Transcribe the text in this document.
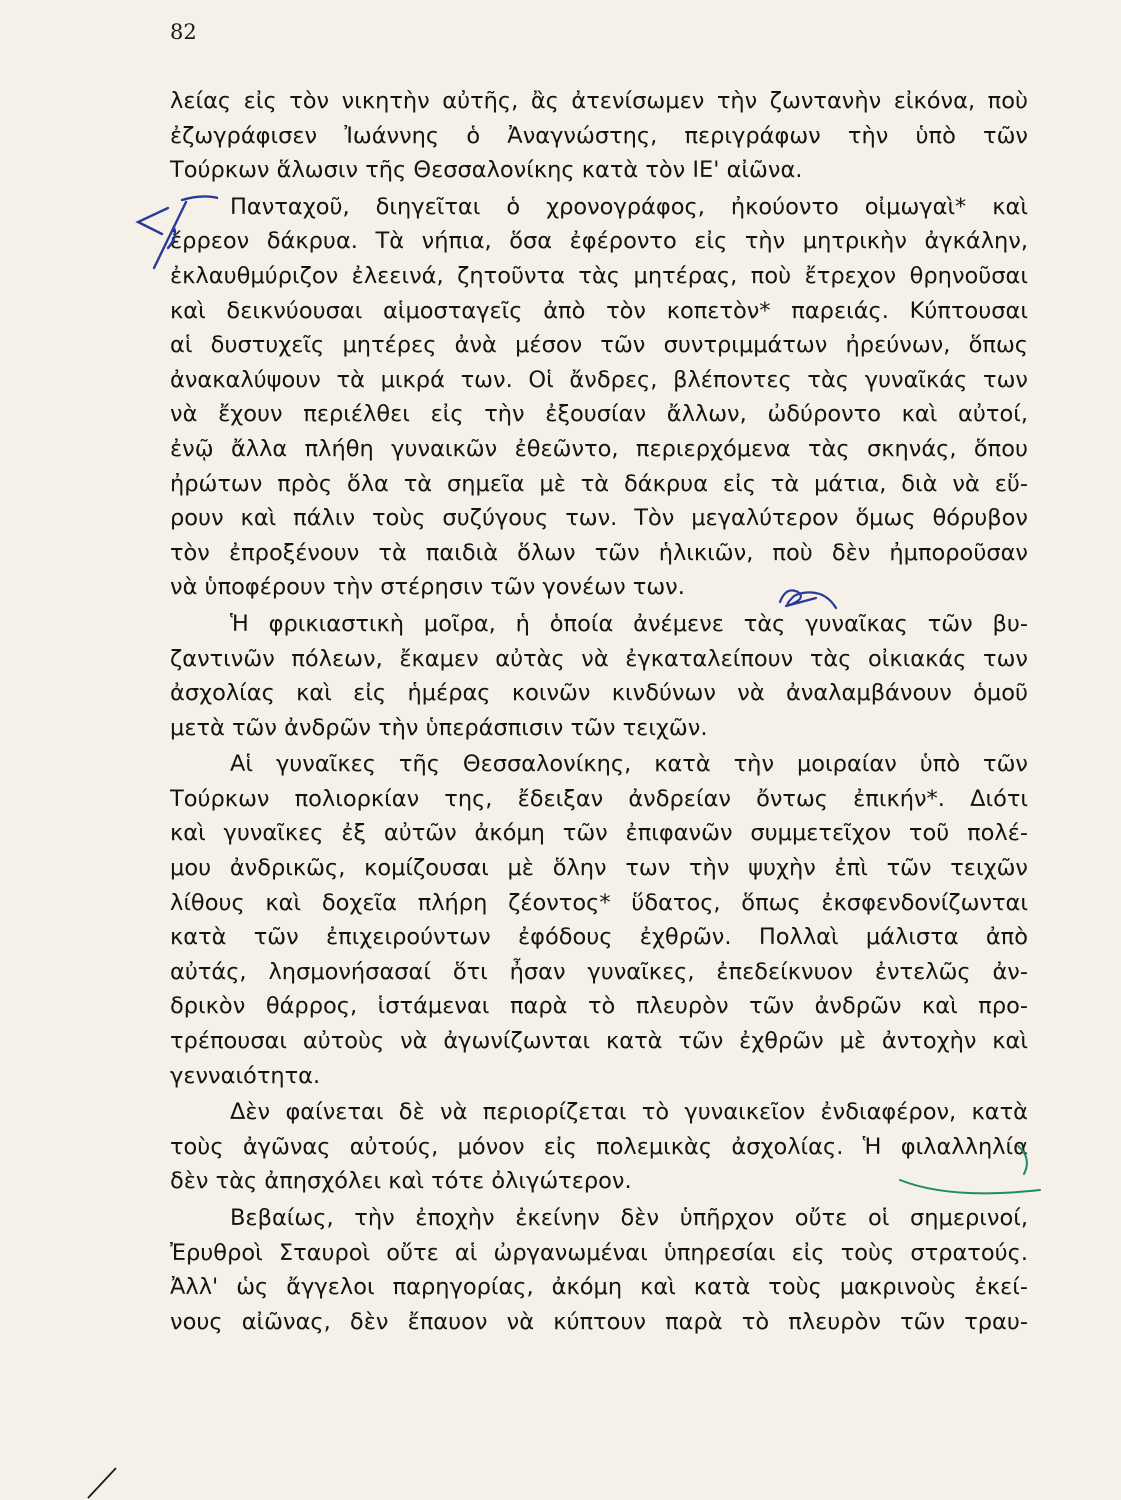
82
λείας εἰς τὸν νικητὴν αὐτῆς, ἂς ἀτενίσωμεν τὴν ζωντανὴν εἰκόνα, ποὺ
ἐζωγράφισεν Ἰωάννης ὁ Ἀναγνώστης, περιγράφων τὴν ὑπὸ τῶν
Τούρκων ἅλωσιν τῆς Θεσσαλονίκης κατὰ τὸν ΙΕ' αἰῶνα.
Πανταχοῦ, διηγεῖται ὁ χρονογράφος, ἠκούοντο οἰμωγαὶ* καὶ
ἔρρεον δάκρυα. Τὰ νήπια, ὅσα ἐφέροντο εἰς τὴν μητρικὴν ἀγκάλην,
ἐκλαυθμύριζον ἐλεεινά, ζητοῦντα τὰς μητέρας, ποὺ ἔτρεχον θρηνοῦσαι
καὶ δεικνύουσαι αἱμοσταγεῖς ἀπὸ τὸν κοπετὸν* παρειάς. Κύπτουσαι
αἱ δυστυχεῖς μητέρες ἀνὰ μέσον τῶν συντριμμάτων ἠρεύνων, ὅπως
ἀνακαλύψουν τὰ μικρά των. Οἱ ἄνδρες, βλέποντες τὰς γυναῖκάς των
νὰ ἔχουν περιέλθει εἰς τὴν ἐξουσίαν ἄλλων, ὠδύροντο καὶ αὐτοί,
ἐνῷ ἄλλα πλήθη γυναικῶν ἐθεῶντο, περιερχόμενα τὰς σκηνάς, ὅπου
ἠρώτων πρὸς ὅλα τὰ σημεῖα μὲ τὰ δάκρυα εἰς τὰ μάτια, διὰ νὰ εὕ-
ρουν καὶ πάλιν τοὺς συζύγους των. Τὸν μεγαλύτερον ὅμως θόρυβον
τὸν ἐπροξένουν τὰ παιδιὰ ὅλων τῶν ἡλικιῶν, ποὺ δὲν ἠμποροῦσαν
νὰ ὑποφέρουν τὴν στέρησιν τῶν γονέων των.
Ἡ φρικιαστικὴ μοῖρα, ἡ ὁποία ἀνέμενε τὰς γυναῖκας τῶν βυ-
ζαντινῶν πόλεων, ἔκαμεν αὐτὰς νὰ ἐγκαταλείπουν τὰς οἰκιακάς των
ἀσχολίας καὶ εἰς ἡμέρας κοινῶν κινδύνων νὰ ἀναλαμβάνουν ὁμοῦ
μετὰ τῶν ἀνδρῶν τὴν ὑπεράσπισιν τῶν τειχῶν.
Αἱ γυναῖκες τῆς Θεσσαλονίκης, κατὰ τὴν μοιραίαν ὑπὸ τῶν
Τούρκων πολιορκίαν της, ἔδειξαν ἀνδρείαν ὄντως ἐπικήν*. Διότι
καὶ γυναῖκες ἐξ αὐτῶν ἀκόμη τῶν ἐπιφανῶν συμμετεῖχον τοῦ πολέ-
μου ἀνδρικῶς, κομίζουσαι μὲ ὅλην των τὴν ψυχὴν ἐπὶ τῶν τειχῶν
λίθους καὶ δοχεῖα πλήρη ζέοντος* ὕδατος, ὅπως ἐκσφενδονίζωνται
κατὰ τῶν ἐπιχειρούντων ἐφόδους ἐχθρῶν. Πολλαὶ μάλιστα ἀπὸ
αὐτάς, λησμονήσασαί ὅτι ἦσαν γυναῖκες, ἐπεδείκνυον ἐντελῶς ἀν-
δρικὸν θάρρος, ἱστάμεναι παρὰ τὸ πλευρὸν τῶν ἀνδρῶν καὶ προ-
τρέπουσαι αὐτοὺς νὰ ἀγωνίζωνται κατὰ τῶν ἐχθρῶν μὲ ἀντοχὴν καὶ
γενναιότητα.
Δὲν φαίνεται δὲ νὰ περιορίζεται τὸ γυναικεῖον ἐνδιαφέρον, κατὰ
τοὺς ἀγῶνας αὐτούς, μόνον εἰς πολεμικὰς ἀσχολίας. Ἡ φιλαλληλία
δὲν τὰς ἀπησχόλει καὶ τότε ὀλιγώτερον.
Βεβαίως, τὴν ἐποχὴν ἐκείνην δὲν ὑπῆρχον οὔτε οἱ σημερινοί,
Ἐρυθροὶ Σταυροὶ οὔτε αἱ ὠργανωμέναι ὑπηρεσίαι εἰς τοὺς στρατούς.
Ἀλλ' ὡς ἄγγελοι παρηγορίας, ἀκόμη καὶ κατὰ τοὺς μακρινοὺς ἐκεί-
νους αἰῶνας, δὲν ἔπαυον νὰ κύπτουν παρὰ τὸ πλευρὸν τῶν τραυ-
